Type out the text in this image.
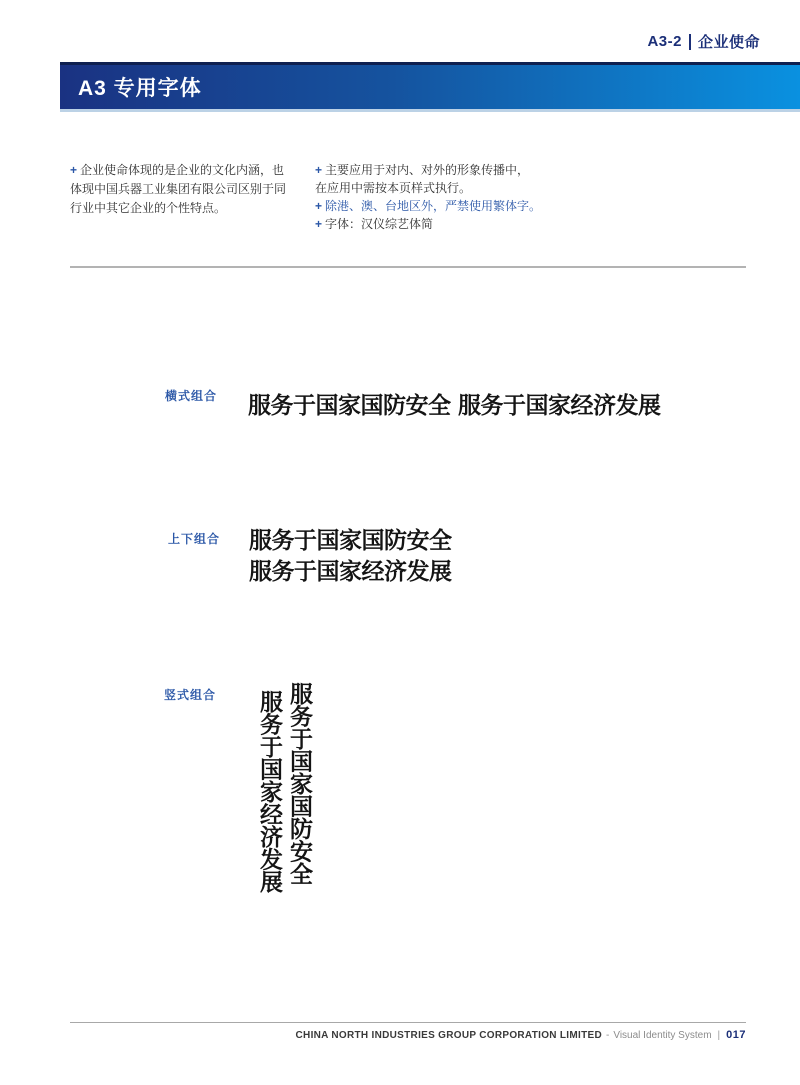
A3-2 企业使命
A3 专用字体
+ 企业使命体现的是企业的文化内涵，也
体现中国兵器工业集团有限公司区别于同
行业中其它企业的个性特点。
+ 主要应用于对内、对外的形象传播中，
在应用中需按本页样式执行。
+ 除港、澳、台地区外，严禁使用繁体字。
+ 字体：汉仪综艺体简
横式组合 服务于国家国防安全 服务于国家经济发展
上下组合 服务于国家国防安全
服务于国家经济发展
竖式组合	服务于国家国防安全
服务于国家经济发展
CHINA NORTH INDUSTRIES GROUP CORPORATION LIMITED - Visual Identity System | 017
